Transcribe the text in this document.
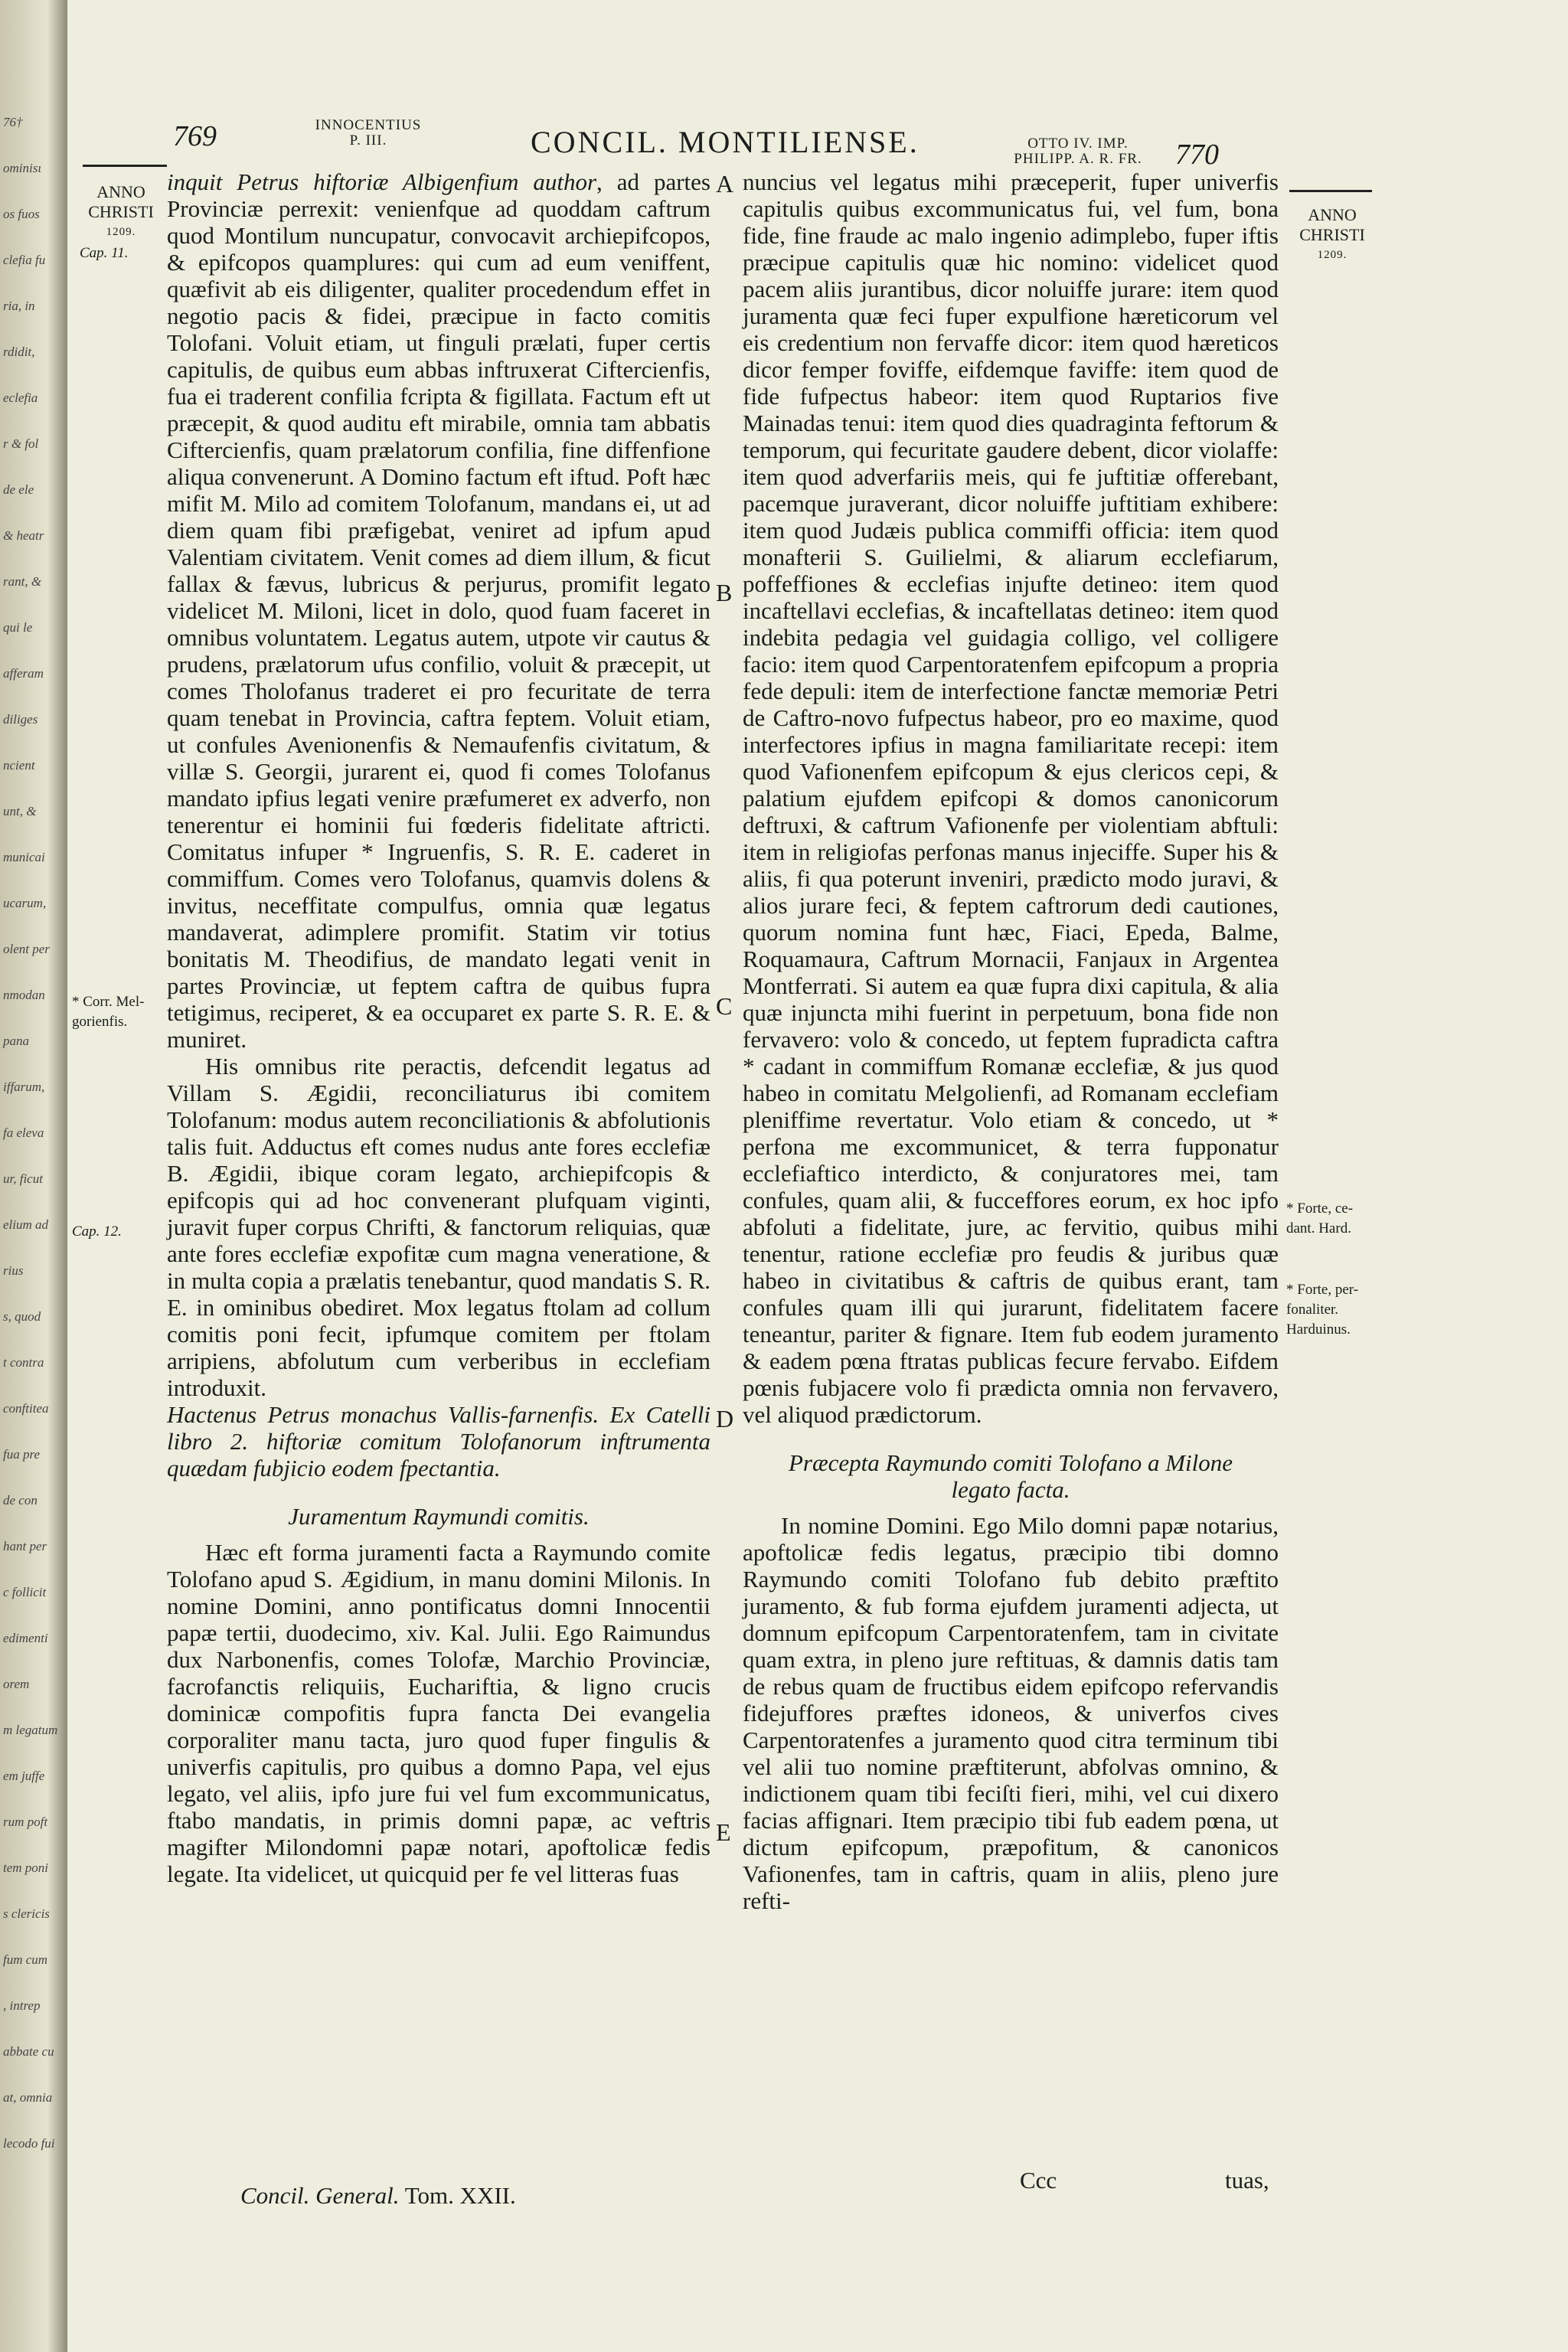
76†
ominisι
os fuos
clefia fu
ria, in
rdidit,
eclefia
r & fol
de ele
& heatr
rant, &
qui le
afferam
diliges
ncient
unt, &
municai
ucarum,
olent per
nmodan
pana
iffarum,
fa eleva
ur, ficut
elium ad
rius
s, quod
t contra
conftitea
fua pre
de con
hant per
c follicit
edimenti
orem
m legatum
em juffe
rum poft
tem poni
s clericis
fum cum
, intrep
abbate cu
at, omnia
lecodo fui
769	INNOCENTIUS
P. III.	CONCIL. MONTILIENSE.	OTTO IV. IMP.
PHILIPP. A. R. FR.	770
ANNO
CHRISTI
1209.
Cap. 11.
* Corr. Mel-
gorienfis.
Cap. 12.
ANNO
CHRISTI
1209.
* Forte, ce-
dant. Hard.
* Forte, per-
fonaliter.
Harduinus.
A
B
C
D
E

inquit Petrus hiftoriæ Albigenfium author, ad partes Provinciæ perrexit: venienfque ad quoddam caftrum quod Montilum nuncupatur, convocavit archiepifcopos, & epifcopos quamplures: qui cum ad eum veniffent, quæfivit ab eis diligenter, qualiter procedendum effet in negotio pacis & fidei, præcipue in facto comitis Tolofani. Voluit etiam, ut finguli prælati, fuper certis capitulis, de quibus eum abbas inftruxerat Ciftercienfis, fua ei traderent confilia fcripta & figillata. Factum eft ut præcepit, & quod auditu eft mirabile, omnia tam abbatis Ciftercienfis, quam prælatorum confilia, fine diffenfione aliqua convenerunt. A Domino factum eft iftud. Poft hæc mifit M. Milo ad comitem Tolofanum, mandans ei, ut ad diem quam fibi præfigebat, veniret ad ipfum apud Valentiam civitatem. Venit comes ad diem illum, & ficut fallax & fævus, lubricus & perjurus, promifit legato videlicet M. Miloni, licet in dolo, quod fuam faceret in omnibus voluntatem. Legatus autem, utpote vir cautus & prudens, prælatorum ufus confilio, voluit & præcepit, ut comes Tholofanus traderet ei pro fecuritate de terra quam tenebat in Provincia, caftra feptem. Voluit etiam, ut confules Avenionenfis & Nemaufenfis civitatum, & villæ S. Georgii, jurarent ei, quod fi comes Tolofanus mandato ipfius legati venire præfumeret ex adverfo, non tenerentur ei hominii fui fœderis fidelitate aftricti. Comitatus infuper * Ingruenfis, S. R. E. caderet in commiffum. Comes vero Tolofanus, quamvis dolens & invitus, neceffitate compulfus, omnia quæ legatus mandaverat, adimplere promifit. Statim vir totius bonitatis M. Theodifius, de mandato legati venit in partes Provinciæ, ut feptem caftra de quibus fupra tetigimus, reciperet, & ea occuparet ex parte S. R. E. & muniret.

His omnibus rite peractis, defcendit legatus ad Villam S. Ægidii, reconciliaturus ibi comitem Tolofanum: modus autem reconciliationis & abfolutionis talis fuit. Adductus eft comes nudus ante fores ecclefiæ B. Ægidii, ibique coram legato, archiepifcopis & epifcopis qui ad hoc convenerant plufquam viginti, juravit fuper corpus Chrifti, & fanctorum reliquias, quæ ante fores ecclefiæ expofitæ cum magna veneratione, & in multa copia a prælatis tenebantur, quod mandatis S. R. E. in ominibus obediret. Mox legatus ftolam ad collum comitis poni fecit, ipfumque comitem per ftolam arripiens, abfolutum cum verberibus in ecclefiam introduxit.

Hactenus Petrus monachus Vallis-farnenfis. Ex Catelli libro 2. hiftoriæ comitum Tolofanorum inftrumenta quædam fubjicio eodem fpectantia.

Juramentum Raymundi comitis.

Hæc eft forma juramenti facta a Raymundo comite Tolofano apud S. Ægidium, in manu domini Milonis. In nomine Domini, anno pontificatus domni Innocentii papæ tertii, duodecimo, xiv. Kal. Julii. Ego Raimundus dux Narbonenfis, comes Tolofæ, Marchio Provinciæ, facrofanctis reliquiis, Euchariftia, & ligno crucis dominicæ compofitis fupra fancta Dei evangelia corporaliter manu tacta, juro quod fuper fingulis & univerfis capitulis, pro quibus a domno Papa, vel ejus legato, vel aliis, ipfo jure fui vel fum excommunicatus, ftabo mandatis, in primis domni papæ, ac veftris magifter Milondomni papæ notari, apoftolicæ fedis legate. Ita videlicet, ut quicquid per fe vel litteras fuas

nuncius vel legatus mihi præceperit, fuper univerfis capitulis quibus excommunicatus fui, vel fum, bona fide, fine fraude ac malo ingenio adimplebo, fuper iftis præcipue capitulis quæ hic nomino: videlicet quod pacem aliis jurantibus, dicor noluiffe jurare: item quod juramenta quæ feci fuper expulfione hæreticorum vel eis credentium non fervaffe dicor: item quod hæreticos dicor femper foviffe, eifdemque faviffe: item quod de fide fufpectus habeor: item quod Ruptarios five Mainadas tenui: item quod dies quadraginta feftorum & temporum, qui fecuritate gaudere debent, dicor violaffe: item quod adverfariis meis, qui fe juftitiæ offerebant, pacemque juraverant, dicor noluiffe juftitiam exhibere: item quod Judæis publica commiffi officia: item quod monafterii S. Guilielmi, & aliarum ecclefiarum, poffeffiones & ecclefias injufte detineo: item quod incaftellavi ecclefias, & incaftellatas detineo: item quod indebita pedagia vel guidagia colligo, vel colligere facio: item quod Carpentoratenfem epifcopum a propria fede depuli: item de interfectione fanctæ memoriæ Petri de Caftro-novo fufpectus habeor, pro eo maxime, quod interfectores ipfius in magna familiaritate recepi: item quod Vafionenfem epifcopum & ejus clericos cepi, & palatium ejufdem epifcopi & domos canonicorum deftruxi, & caftrum Vafionenfe per violentiam abftuli: item in religiofas perfonas manus injeciffe. Super his & aliis, fi qua poterunt inveniri, prædicto modo juravi, & alios jurare feci, & feptem caftrorum dedi cautiones, quorum nomina funt hæc, Fiaci, Epeda, Balme, Roquamaura, Caftrum Mornacii, Fanjaux in Argentea Montferrati. Si autem ea quæ fupra dixi capitula, & alia quæ injuncta mihi fuerint in perpetuum, bona fide non fervavero: volo & concedo, ut feptem fupradicta caftra * cadant in commiffum Romanæ ecclefiæ, & jus quod habeo in comitatu Melgolienfi, ad Romanam ecclefiam pleniffime revertatur. Volo etiam & concedo, ut * perfona me excommunicet, & terra fupponatur ecclefiaftico interdicto, & conjuratores mei, tam confules, quam alii, & fucceffores eorum, ex hoc ipfo abfoluti a fidelitate, jure, ac fervitio, quibus mihi tenentur, ratione ecclefiæ pro feudis & juribus quæ habeo in civitatibus & caftris de quibus erant, tam confules quam illi qui jurarunt, fidelitatem facere teneantur, pariter & fignare. Item fub eodem juramento & eadem pœna ftratas publicas fecure fervabo. Eifdem pœnis fubjacere volo fi prædicta omnia non fervavero, vel aliquod prædictorum.

Præcepta Raymundo comiti Tolofano a Milone

legato facta.

In nomine Domini. Ego Milo domni papæ notarius, apoftolicæ fedis legatus, præcipio tibi domno Raymundo comiti Tolofano fub debito præftito juramento, & fub forma ejufdem juramenti adjecta, ut domnum epifcopum Carpentoratenfem, tam in civitate quam extra, in pleno jure reftituas, & damnis datis tam de rebus quam de fructibus eidem epifcopo refervandis fidejuffores præftes idoneos, & univerfos cives Carpentoratenfes a juramento quod citra terminum tibi vel alii tuo nomine præftiterunt, abfolvas omnino, & indictionem quam tibi feciſti fieri, mihi, vel cui dixero facias affignari. Item præcipio tibi fub eadem pœna, ut dictum epifcopum, præpofitum, & canonicos Vafionenfes, tam in caftris, quam in aliis, pleno jure refti-

Concil. General. Tom. XXII.
Ccc	tuas,
